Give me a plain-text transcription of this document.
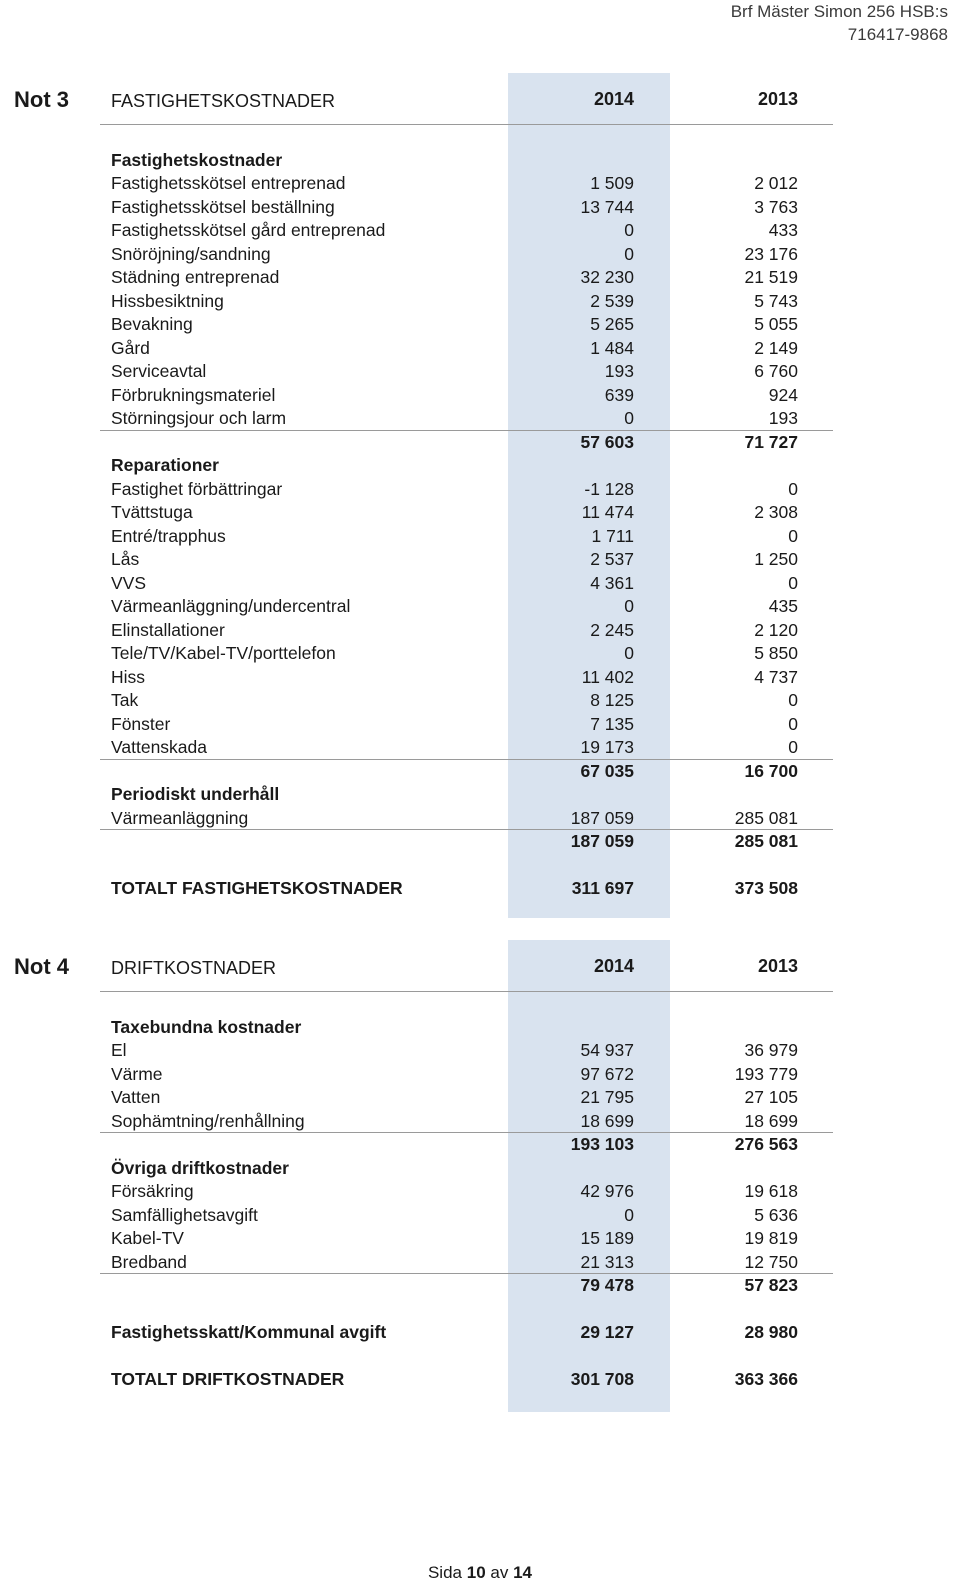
Brf Mäster Simon 256 HSB:s
716417-9868
Not 3 FASTIGHETSKOSTNADER	2014	2013
Fastighetskostnader
Fastighetsskötsel entreprenad	1 509	2 012
Fastighetsskötsel beställning	13 744	3 763
Fastighetsskötsel gård entreprenad	0	433
Snöröjning/sandning	0	23 176
Städning entreprenad	32 230	21 519
Hissbesiktning	2 539	5 743
Bevakning	5 265	5 055
Gård	1 484	2 149
Serviceavtal	193	6 760
Förbrukningsmateriel	639	924
Störningsjour och larm	0	193
57 603	71 727
Reparationer
Fastighet förbättringar	-1 128	0
Tvättstuga	11 474	2 308
Entré/trapphus	1 711	0
Lås	2 537	1 250
VVS	4 361	0
Värmeanläggning/undercentral	0	435
Elinstallationer	2 245	2 120
Tele/TV/Kabel-TV/porttelefon	0	5 850
Hiss	11 402	4 737
Tak	8 125	0
Fönster	7 135	0
Vattenskada	19 173	0
67 035	16 700
Periodiskt underhåll
Värmeanläggning	187 059	285 081
187 059	285 081
TOTALT FASTIGHETSKOSTNADER	311 697	373 508
Not 4 DRIFTKOSTNADER	2014	2013
Taxebundna kostnader
El	54 937	36 979
Värme	97 672	193 779
Vatten	21 795	27 105
Sophämtning/renhållning	18 699	18 699
193 103	276 563
Övriga driftkostnader
Försäkring	42 976	19 618
Samfällighetsavgift	0	5 636
Kabel-TV	15 189	19 819
Bredband	21 313	12 750
79 478	57 823
Fastighetsskatt/Kommunal avgift	29 127	28 980
TOTALT DRIFTKOSTNADER	301 708	363 366
Sida 10 av 14
